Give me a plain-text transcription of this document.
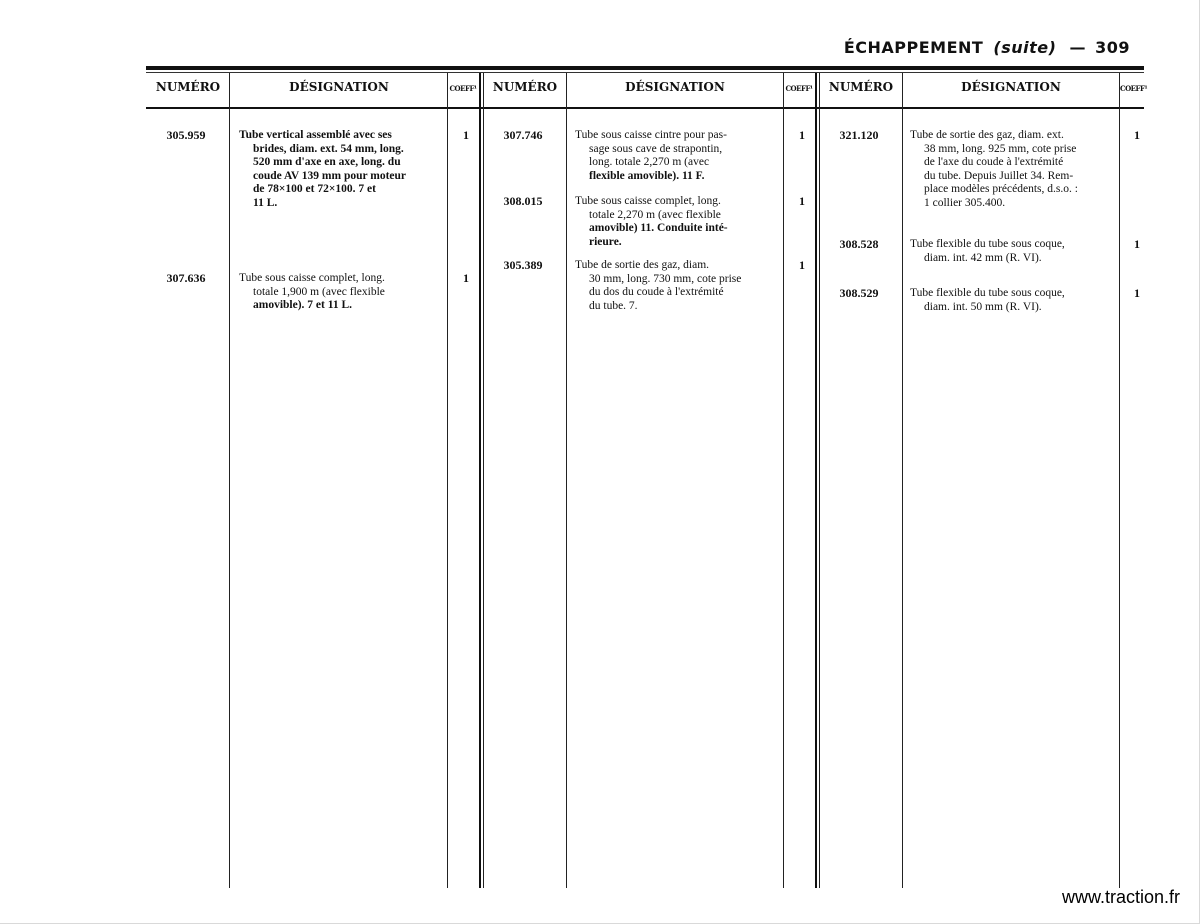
ÉCHAPPEMENT (suite) — 309
NUMÉRO	DÉSIGNATION	COEFF¹	NUMÉRO	DÉSIGNATION	COEFF¹	NUMÉRO	DÉSIGNATION	COEFF¹
305.959	Tube vertical assemblé avec ses
brides, diam. ext. 54 mm, long.
520 mm d'axe en axe, long. du
coude AV 139 mm pour moteur
de 78×100 et 72×100. 7 et
11 L.
1
307.636	Tube sous caisse complet, long.
totale 1,900 m (avec flexible
amovible). 7 et 11 L.
1
307.746	Tube sous caisse cintre pour pas-
sage sous cave de strapontin,
long. totale 2,270 m (avec
flexible amovible). 11 F.
1
308.015	Tube sous caisse complet, long.
totale 2,270 m (avec flexible
amovible) 11. Conduite inté-
rieure.
1
305.389	Tube de sortie des gaz, diam.
30 mm, long. 730 mm, cote prise
du dos du coude à l'extrémité
du tube. 7.
1
321.120	Tube de sortie des gaz, diam. ext.
38 mm, long. 925 mm, cote prise
de l'axe du coude à l'extrémité
du tube. Depuis Juillet 34. Rem-
place modèles précédents, d.s.o. :
1 collier 305.400.
1
308.528	Tube flexible du tube sous coque,
diam. int. 42 mm (R. VI).
1
308.529	Tube flexible du tube sous coque,
diam. int. 50 mm (R. VI).
1
www.traction.fr
